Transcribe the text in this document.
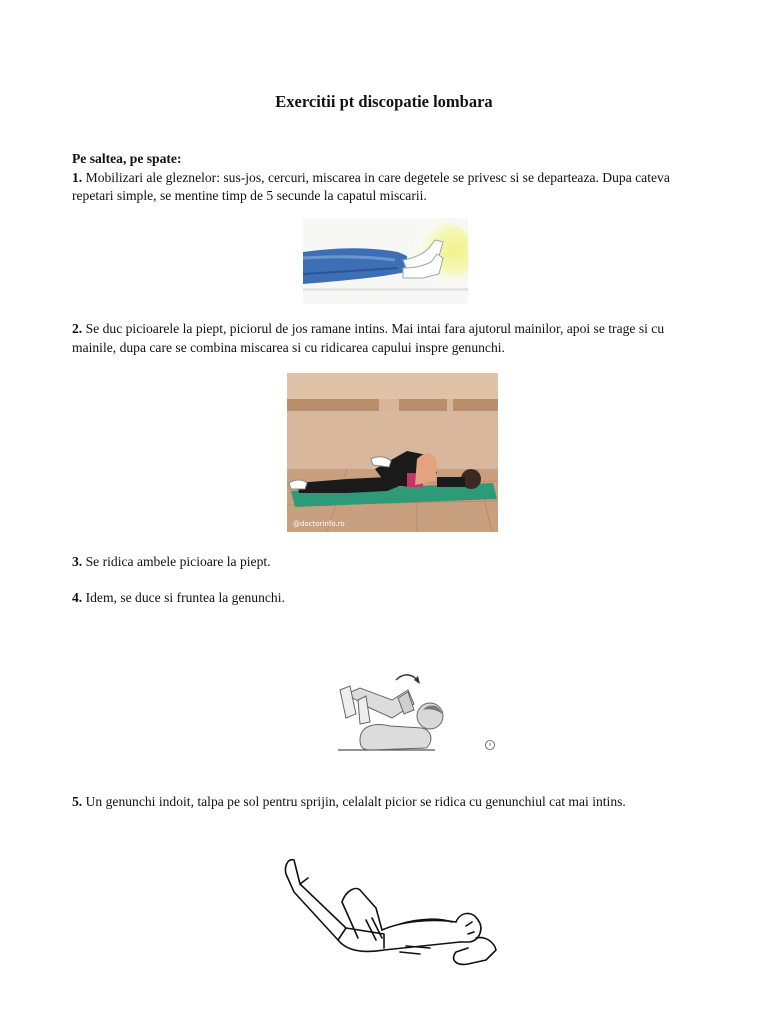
Exercitii pt discopatie lombara
Pe saltea, pe spate:
1. Mobilizari ale gleznelor: sus-jos, cercuri, miscarea in care degetele se privesc si se departeaza. Dupa cateva repetari simple, se mentine timp de 5 secunde la capatul miscarii.
2. Se duc picioarele la piept, piciorul de jos ramane intins. Mai intai fara ajutorul mainilor, apoi se trage si cu mainile, dupa care se combina miscarea si cu ridicarea capului inspre genunchi.
@doctorinfo.ro
3. Se ridica ambele picioare la piept.
4. Idem, se duce si fruntea la genunchi.
5. Un genunchi indoit, talpa pe sol pentru sprijin, celalalt picior se ridica cu genunchiul cat mai intins.
